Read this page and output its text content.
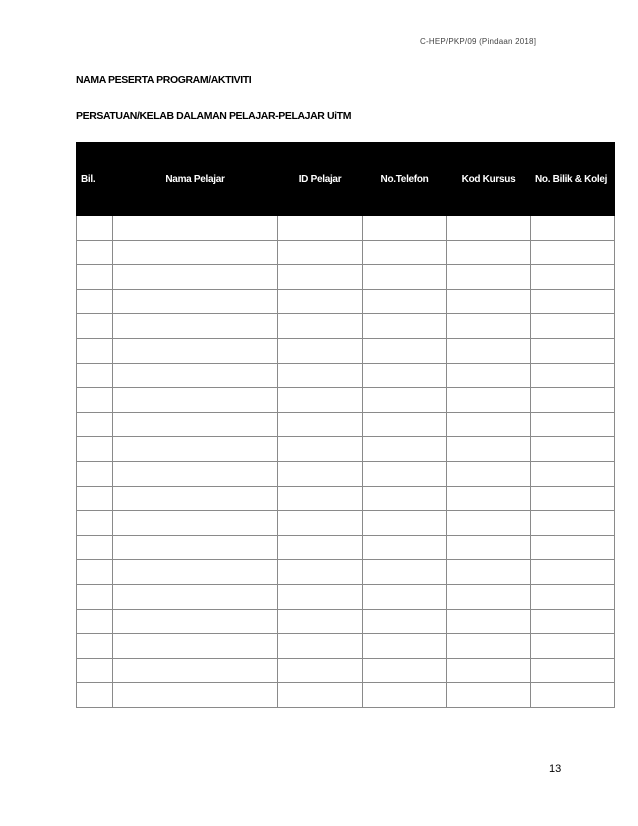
C-HEP/PKP/09 (Pindaan 2018]
NAMA PESERTA PROGRAM/AKTIVITI
PERSATUAN/KELAB DALAMAN PELAJAR-PELAJAR UiTM
Bil.	Nama Pelajar	ID Pelajar	No.Telefon	Kod Kursus	No. Bilik & Kolej

13
